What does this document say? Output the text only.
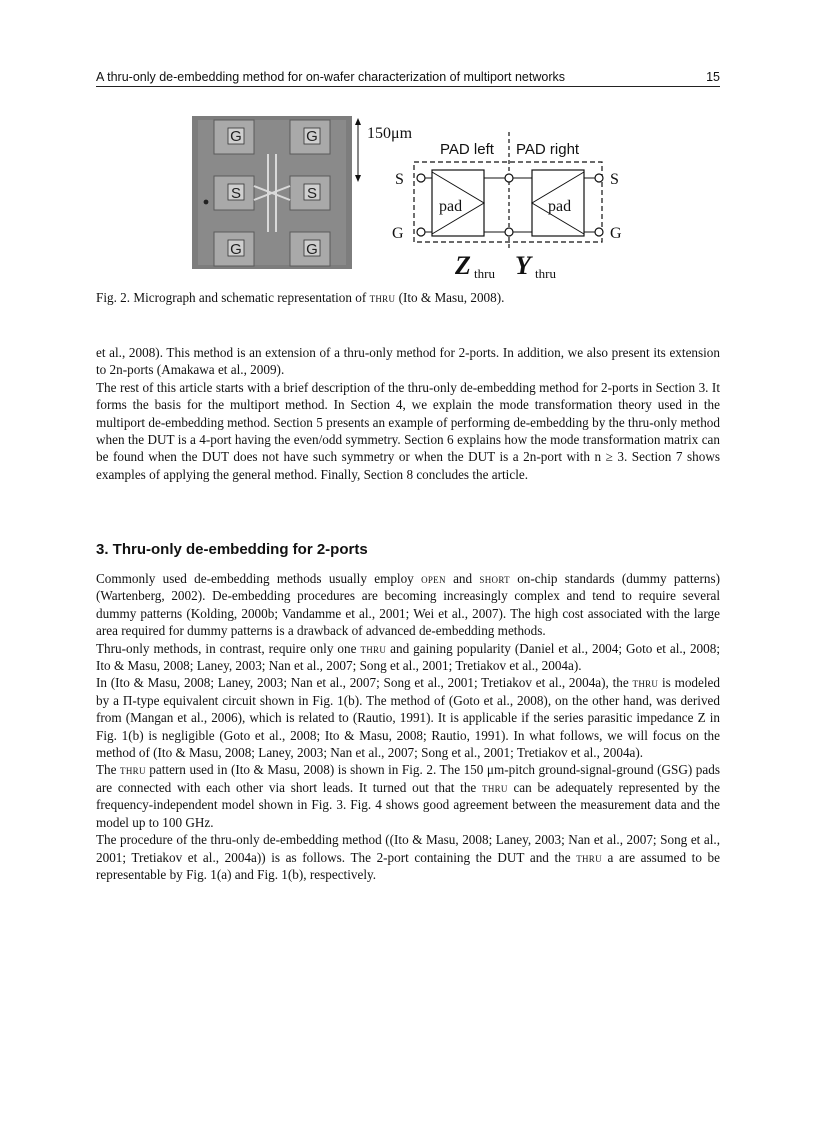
A thru-only de-embedding method for on-wafer characterization of multiport networks	15
G	G
S	S
G	G
150μm
PAD left PAD right
pad	pad
S
G
S
G
Z thru Y thru
Fig. 2. Micrograph and schematic representation of thru (Ito & Masu, 2008).

et al., 2008). This method is an extension of a thru-only method for 2-ports. In addition, we also present its extension to 2n-ports (Amakawa et al., 2009).

The rest of this article starts with a brief description of the thru-only de-embedding method for 2-ports in Section 3. It forms the basis for the multiport method. In Section 4, we explain the mode transformation theory used in the multiport de-embedding method. Section 5 presents an example of performing de-embedding by the thru-only method when the DUT is a 4-port having the even/odd symmetry. Section 6 explains how the mode transformation matrix can be found when the DUT does not have such symmetry or when the DUT is a 2n-port with n ≥ 3. Section 7 shows examples of applying the general method. Finally, Section 8 concludes the article.

3. Thru-only de-embedding for 2-ports

Commonly used de-embedding methods usually employ open and short on-chip standards (dummy patterns) (Wartenberg, 2002). De-embedding procedures are becoming increasingly complex and tend to require several dummy patterns (Kolding, 2000b; Vandamme et al., 2001; Wei et al., 2007). The high cost associated with the large area required for dummy patterns is a drawback of advanced de-embedding methods.

Thru-only methods, in contrast, require only one thru and gaining popularity (Daniel et al., 2004; Goto et al., 2008; Ito & Masu, 2008; Laney, 2003; Nan et al., 2007; Song et al., 2001; Tretiakov et al., 2004a).

In (Ito & Masu, 2008; Laney, 2003; Nan et al., 2007; Song et al., 2001; Tretiakov et al., 2004a), the thru is modeled by a Π-type equivalent circuit shown in Fig. 1(b). The method of (Goto et al., 2008), on the other hand, was derived from (Mangan et al., 2006), which is related to (Rautio, 1991). It is applicable if the series parasitic impedance Z in Fig. 1(b) is negligible (Goto et al., 2008; Ito & Masu, 2008; Rautio, 1991). In what follows, we will focus on the method of (Ito & Masu, 2008; Laney, 2003; Nan et al., 2007; Song et al., 2001; Tretiakov et al., 2004a).

The thru pattern used in (Ito & Masu, 2008) is shown in Fig. 2. The 150 μm-pitch ground-signal-ground (GSG) pads are connected with each other via short leads. It turned out that the thru can be adequately represented by the frequency-independent model shown in Fig. 3. Fig. 4 shows good agreement between the measurement data and the model up to 100 GHz.

The procedure of the thru-only de-embedding method ((Ito & Masu, 2008; Laney, 2003; Nan et al., 2007; Song et al., 2001; Tretiakov et al., 2004a)) is as follows. The 2-port containing the DUT and the thru a are assumed to be representable by Fig. 1(a) and Fig. 1(b), respectively.
